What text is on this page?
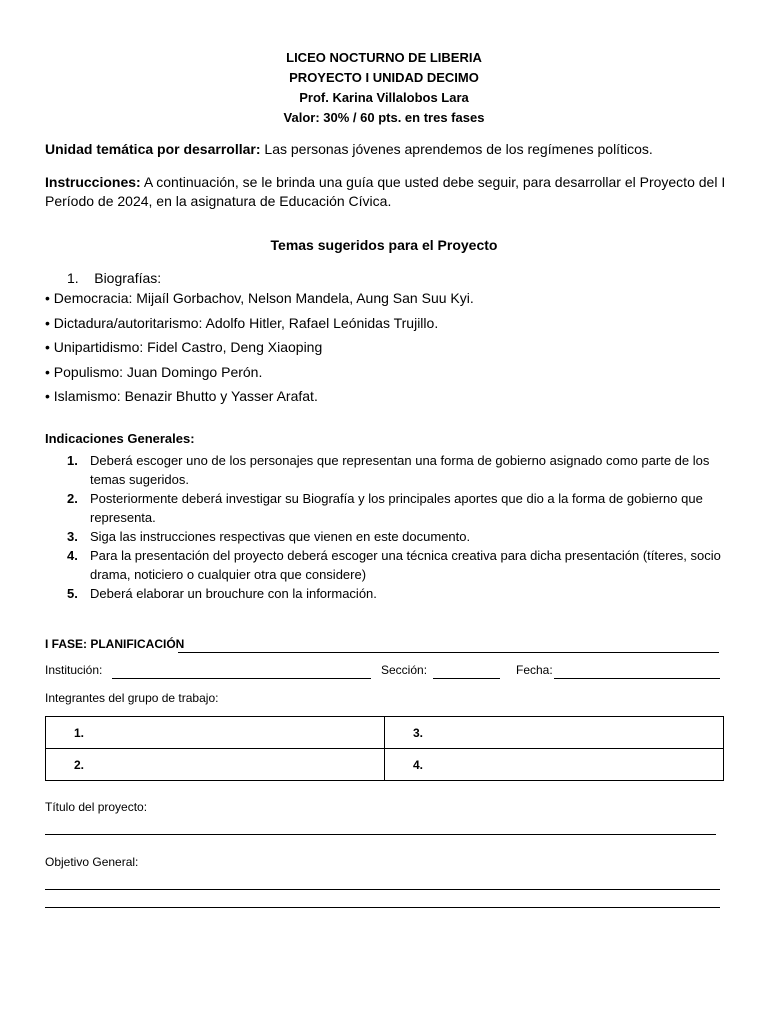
LICEO NOCTURNO DE LIBERIA
PROYECTO I UNIDAD DECIMO
Prof. Karina Villalobos Lara
Valor: 30% / 60 pts. en tres fases
Unidad temática por desarrollar: Las personas jóvenes aprendemos de los regímenes políticos.
Instrucciones: A continuación, se le brinda una guía que usted debe seguir, para desarrollar el Proyecto del I Período de 2024, en la asignatura de Educación Cívica.
Temas sugeridos para el Proyecto
1.    Biografías:
• Democracia: Mijaíl Gorbachov, Nelson Mandela, Aung San Suu Kyi.
• Dictadura/autoritarismo: Adolfo Hitler, Rafael Leónidas Trujillo.
• Unipartidismo: Fidel Castro, Deng Xiaoping
• Populismo: Juan Domingo Perón.
• Islamismo: Benazir Bhutto y Yasser Arafat.
Indicaciones Generales:
1. Deberá escoger uno de los personajes que representan una forma de gobierno asignado como parte de los temas sugeridos.
2. Posteriormente deberá investigar su Biografía y los principales aportes que dio a la forma de gobierno que representa.
3. Siga las instrucciones respectivas que vienen en este documento.
4. Para la presentación del proyecto deberá escoger una técnica creativa para dicha presentación (títeres, socio drama, noticiero o cualquier otra que considere)
5. Deberá elaborar un brouchure con la información.
I FASE: PLANIFICACIÓN
Institución:	Sección:	Fecha:
Integrantes del grupo de trabajo:
1.	3.
2.	4.
Título del proyecto:
Objetivo General:
